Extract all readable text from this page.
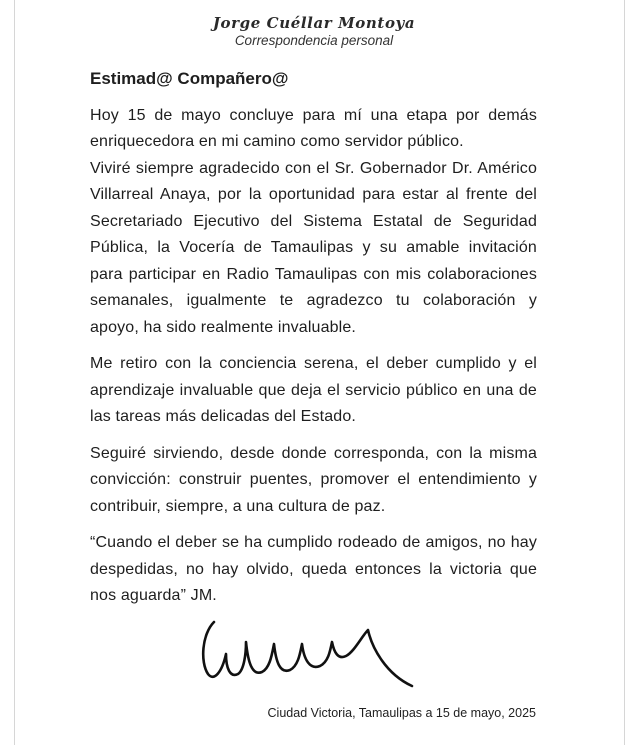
Jorge Cuéllar Montoya
Correspondencia personal

Estimad@ Compañero@

Hoy 15 de mayo concluye para mí una etapa por demás enriquecedora en mi camino como servidor público.

Viviré siempre agradecido con el Sr. Gobernador Dr. Américo Villarreal Anaya, por la oportunidad para estar al frente del Secretariado Ejecutivo del Sistema Estatal de Seguridad Pública, la Vocería de Tamaulipas y su amable invitación para participar en Radio Tamaulipas con mis colaboraciones semanales, igualmente te agradezco tu colaboración y apoyo, ha sido realmente invaluable.

Me retiro con la conciencia serena, el deber cumplido y el aprendizaje invaluable que deja el servicio público en una de las tareas más delicadas del Estado.

Seguiré sirviendo, desde donde corresponda, con la misma convicción: construir puentes, promover el entendimiento y contribuir, siempre, a una cultura de paz.

“Cuando el deber se ha cumplido rodeado de amigos, no hay despedidas, no hay olvido, queda entonces la victoria que nos aguarda” JM.

Ciudad Victoria, Tamaulipas a 15 de mayo, 2025
